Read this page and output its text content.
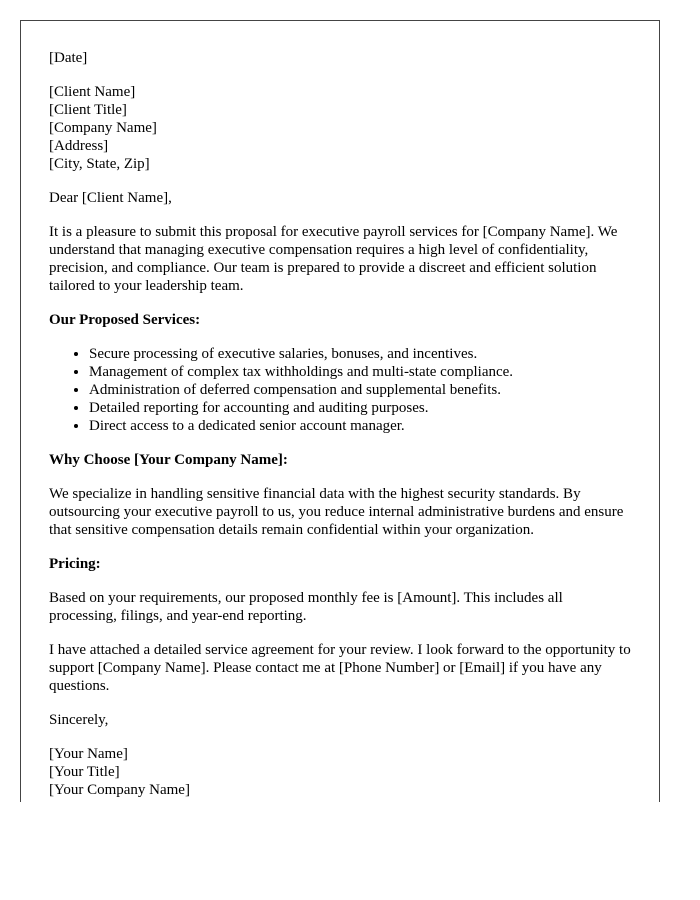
[Date]
[Client Name]
[Client Title]
[Company Name]
[Address]
[City, State, Zip]

Dear [Client Name],

It is a pleasure to submit this proposal for executive payroll services for [Company Name]. We understand that managing executive compensation requires a high level of confidentiality, precision, and compliance. Our team is prepared to provide a discreet and efficient solution tailored to your leadership team.

Our Proposed Services:

• Secure processing of executive salaries, bonuses, and incentives.
• Management of complex tax withholdings and multi-state compliance.
• Administration of deferred compensation and supplemental benefits.
• Detailed reporting for accounting and auditing purposes.
• Direct access to a dedicated senior account manager.

Why Choose [Your Company Name]:

We specialize in handling sensitive financial data with the highest security standards. By outsourcing your executive payroll to us, you reduce internal administrative burdens and ensure that sensitive compensation details remain confidential within your organization.

Pricing:

Based on your requirements, our proposed monthly fee is [Amount]. This includes all processing, filings, and year-end reporting.

I have attached a detailed service agreement for your review. I look forward to the opportunity to support [Company Name]. Please contact me at [Phone Number] or [Email] if you have any questions.

Sincerely,

[Your Name]
[Your Title]
[Your Company Name]
